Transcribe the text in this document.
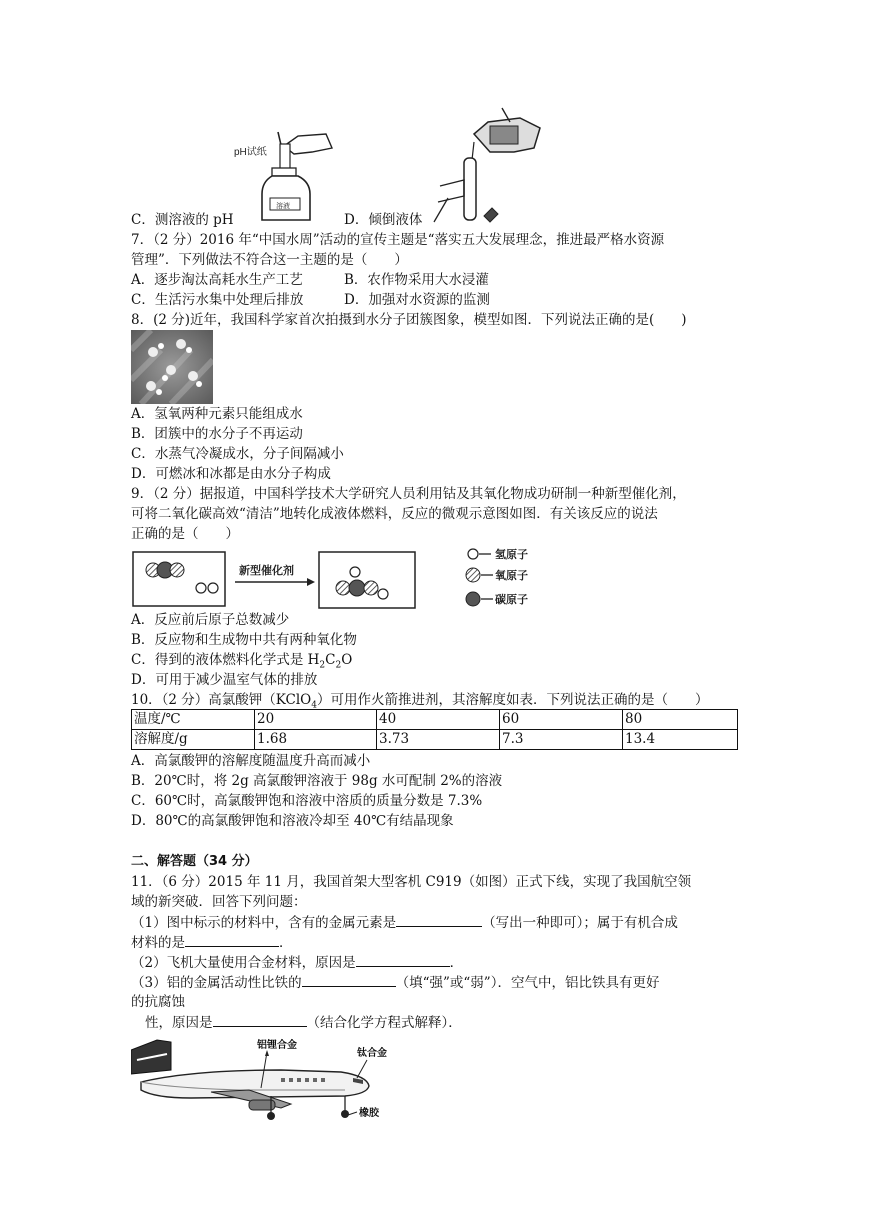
pH试纸
溶液
C．测溶液的 pH	D．倾倒液体
7．（2 分）2016 年“中国水周”活动的宣传主题是“落实五大发展理念，推进最严格水资源
管理”．下列做法不符合这一主题的是（　　）
A．逐步淘汰高耗水生产工艺	B．农作物采用大水浸灌
C．生活污水集中处理后排放	D．加强对水资源的监测
8．(2 分)近年，我国科学家首次拍摄到水分子团簇图象，模型如图．下列说法正确的是(　　)
A．氢氧两种元素只能组成水
B．团簇中的水分子不再运动
C．水蒸气冷凝成水，分子间隔减小
D．可燃冰和冰都是由水分子构成
9．（2 分）据报道，中国科学技术大学研究人员利用钴及其氧化物成功研制一种新型催化剂，
可将二氧化碳高效“清洁”地转化成液体燃料，反应的微观示意图如图．有关该反应的说法
正确的是（　　）
新型催化剂
氢原子
氧原子
碳原子
A．反应前后原子总数减少
B．反应物和生成物中共有两种氧化物
C．得到的液体燃料化学式是 $H_2C_2O$
D．可用于减少温室气体的排放
10．（2 分）高氯酸钾（KClO$_4$）可用作火箭推进剂，其溶解度如表．下列说法正确的是（　　）
温度/℃	20	40	60	80
溶解度/g	1.68	3.73	7.3	13.4
A．高氯酸钾的溶解度随温度升高而减小
B．20℃时，将 2g 高氯酸钾溶液于 98g 水可配制 2%的溶液
C．60℃时，高氯酸钾饱和溶液中溶质的质量分数是 7.3%
D．80℃的高氯酸钾饱和溶液冷却至 40℃有结晶现象
二、解答题（34 分）
11．（6 分）2015 年 11 月，我国首架大型客机 C919（如图）正式下线，实现了我国航空领
域的新突破．回答下列问题：
（1）图中标示的材料中，含有的金属元素是	（写出一种即可）；属于有机合成
材料的是	．
（2）飞机大量使用合金材料，原因是	．
（3）铝的金属活动性比铁的	（填“强”或“弱”）．空气中，铝比铁具有更好
的抗腐蚀
性，原因是	（结合化学方程式解释）．
铝锂合金
钛合金
橡胶
